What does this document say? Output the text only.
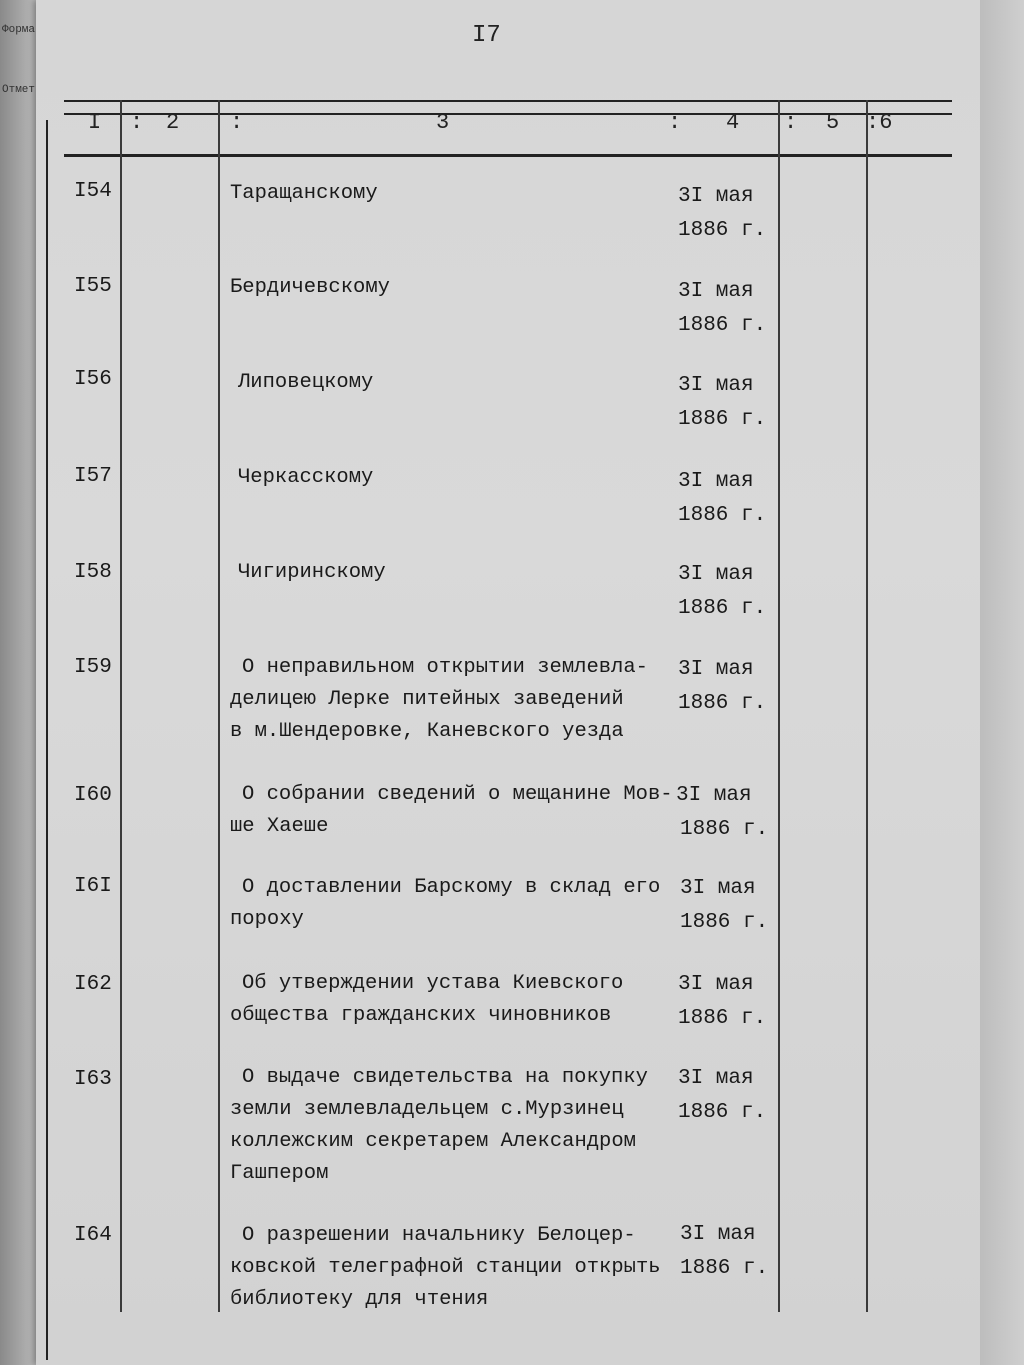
Форма
Отмет
I7
I : 2 :	3	: 4 : 5 :6
I54
I55
I56
I57
I58
I59
I60
I6I
I62
I63
I64
Таращанскому
Бердичевскому
Липовецкому
Черкасскому
Чигиринскому
О неправильном открытии землевла-
делицею Лерке питейных заведений
в м.Шендеровке, Каневского уезда
О собрании сведений о мещанине Мов-
ше Хаеше
О доставлении Барскому в склад его
пороху
Об утверждении устава Киевского
общества гражданских чиновников
О выдаче свидетельства на покупку
земли землевладельцем с.Мурзинец
коллежским секретарем Александром
Гашпером
О разрешении начальнику Белоцер-
ковской телеграфной станции открыть
библиотеку для чтения
3I мая
1886 г.
3I мая
1886 г.
3I мая
1886 г.
3I мая
1886 г.
3I мая
1886 г.
3I мая
1886 г.
3I мая
1886 г.
3I мая
1886 г.
3I мая
1886 г.
3I мая
1886 г.
3I мая
1886 г.
